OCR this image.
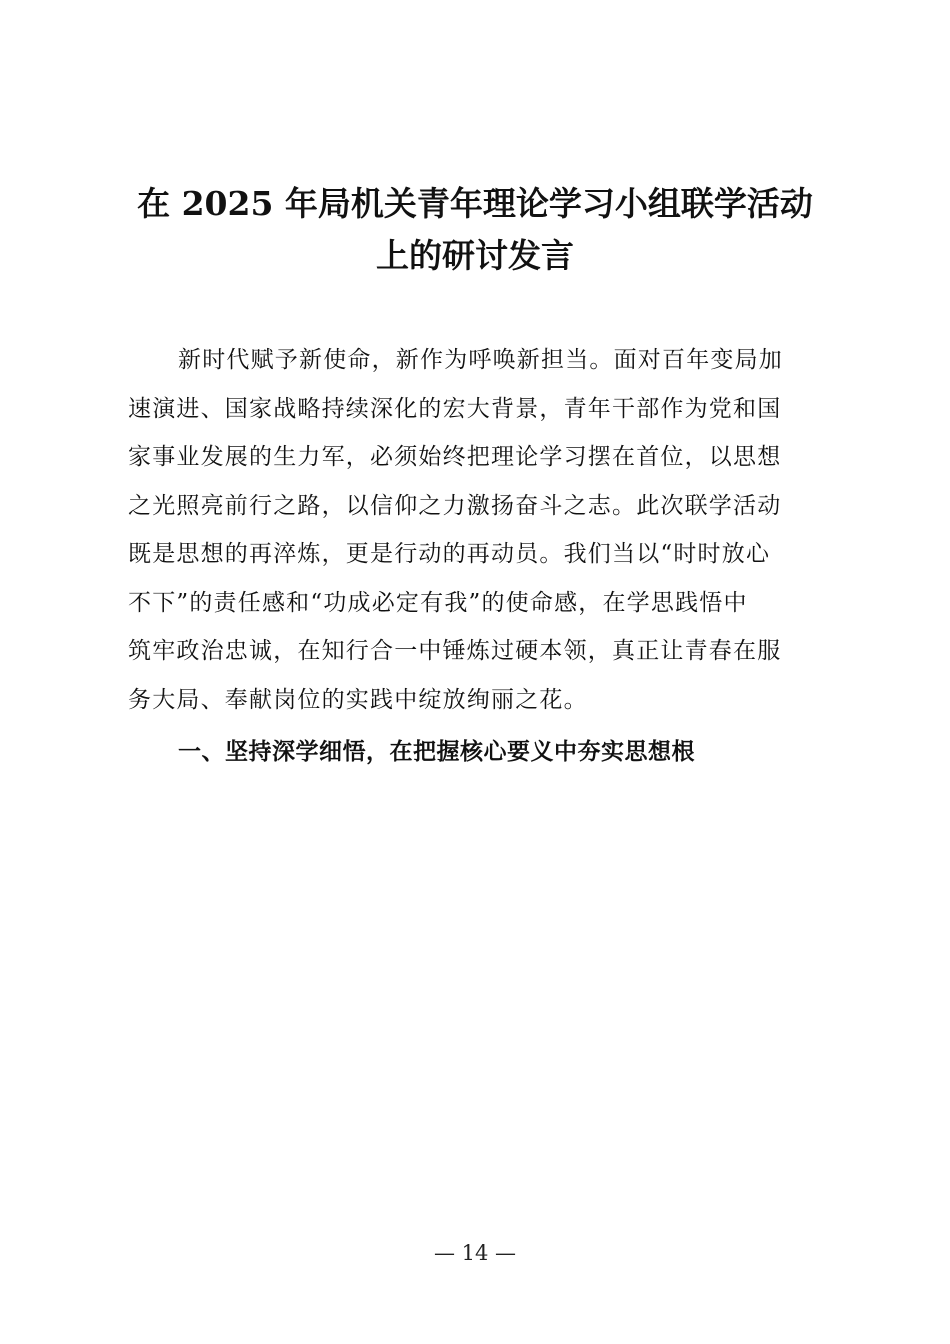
在 2025 年局机关青年理论学习小组联学活动
上的研讨发言

新时代赋予新使命，新作为呼唤新担当。面对百年变局加
速演进、国家战略持续深化的宏大背景，青年干部作为党和国
家事业发展的生力军，必须始终把理论学习摆在首位，以思想
之光照亮前行之路，以信仰之力激扬奋斗之志。此次联学活动
既是思想的再淬炼，更是行动的再动员。我们当以“时时放心
不下”的责任感和“功成必定有我”的使命感，在学思践悟中
筑牢政治忠诚，在知行合一中锤炼过硬本领，真正让青春在服
务大局、奉献岗位的实践中绽放绚丽之花。

一、坚持深学细悟，在把握核心要义中夯实思想根
— 14 —
